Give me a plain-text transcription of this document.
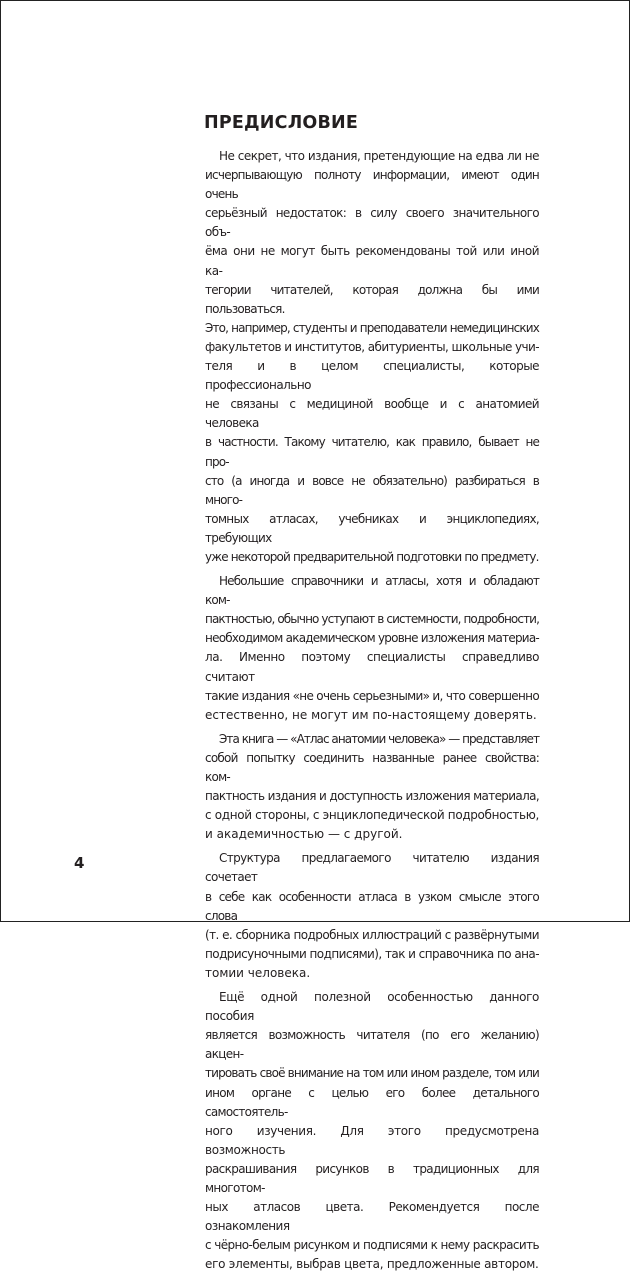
ПРЕДИСЛОВИЕ

Не секрет, что издания, претендующие на едва ли не
исчерпывающую полноту информации, имеют один очень
серьёзный недостаток: в силу своего значительного объ-
ёма они не могут быть рекомендованы той или иной ка-
тегории читателей, которая должна бы ими пользоваться.
Это, например, студенты и преподаватели немедицинских
факультетов и институтов, абитуриенты, школьные учи-
теля и в целом специалисты, которые профессионально
не связаны с медициной вообще и с анатомией человека
в частности. Такому читателю, как правило, бывает не про-
сто (а иногда и вовсе не обязательно) разбираться в много-
томных атласах, учебниках и энциклопедиях, требующих
уже некоторой предварительной подготовки по предмету.

Небольшие справочники и атласы, хотя и обладают ком-
пактностью, обычно уступают в системности, подробности,
необходимом академическом уровне изложения материа-
ла. Именно поэтому специалисты справедливо считают
такие издания «не очень серьезными» и, что совершенно
естественно, не могут им по-настоящему доверять.

Эта книга — «Атлас анатомии человека» — представляет
собой попытку соединить названные ранее свойства: ком-
пактность издания и доступность изложения материала,
с одной стороны, с энциклопедической подробностью,
и академичностью — с другой.

Структура предлагаемого читателю издания сочетает
в себе как особенности атласа в узком смысле этого слова
(т. е. сборника подробных иллюстраций с развёрнутыми
подрисуночными подписями), так и справочника по ана-
томии человека.

Ещё одной полезной особенностью данного пособия
является возможность читателя (по его желанию) акцен-
тировать своё внимание на том или ином разделе, том или
ином органе с целью его более детального самостоятель-
ного изучения. Для этого предусмотрена возможность
раскрашивания рисунков в традиционных для многотом-
ных атласов цвета. Рекомендуется после ознакомления
с чёрно-белым рисунком и подписями к нему раскрасить
его элементы, выбрав цвета, предложенные автором.

4
